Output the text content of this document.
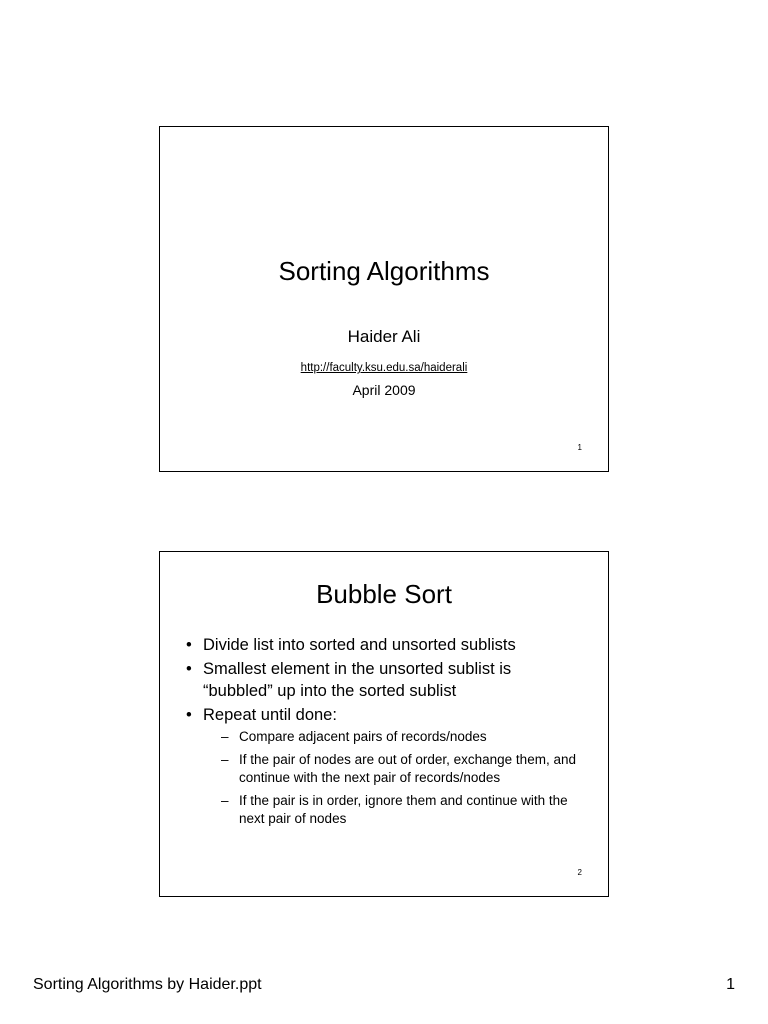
Sorting Algorithms
Haider Ali
http://faculty.ksu.edu.sa/haiderali
April 2009
1
Bubble Sort
• Divide list into sorted and unsorted sublists
• Smallest element in the unsorted sublist is “bubbled” up into the sorted sublist
• Repeat until done:
– Compare adjacent pairs of records/nodes
– If the pair of nodes are out of order, exchange them, and continue with the next pair of records/nodes
– If the pair is in order, ignore them and continue with the next pair of nodes
2
Sorting Algorithms by Haider.ppt	1
